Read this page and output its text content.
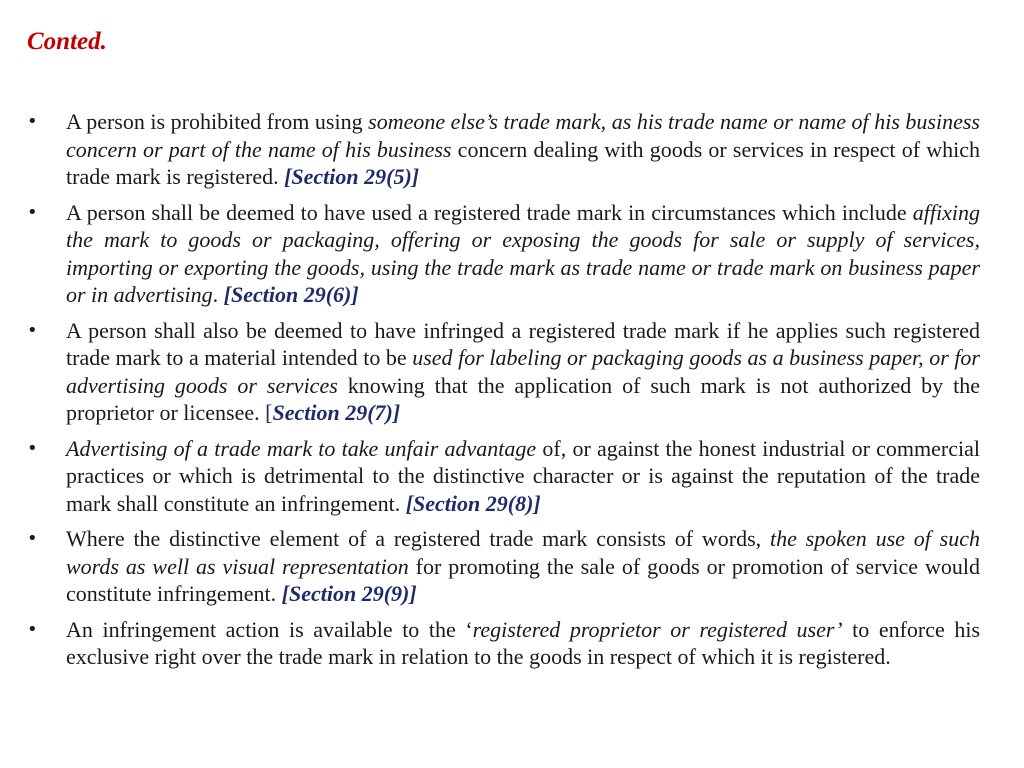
Conted.
•	A person is prohibited from using someone else’s trade mark, as his trade name or name of his business concern or part of the name of his business concern dealing with goods or services in respect of which trade mark is registered. [Section 29(5)]
•	A person shall be deemed to have used a registered trade mark in circumstances which include affixing the mark to goods or packaging, offering or exposing the goods for sale or supply of services, importing or exporting the goods, using the trade mark as trade name or trade mark on business paper or in advertising. [Section 29(6)]
•	A person shall also be deemed to have infringed a registered trade mark if he applies such registered trade mark to a material intended to be used for labeling or packaging goods as a business paper, or for advertising goods or services knowing that the application of such mark is not authorized by the proprietor or licensee. [Section 29(7)]
•	Advertising of a trade mark to take unfair advantage of, or against the honest industrial or commercial practices or which is detrimental to the distinctive character or is against the reputation of the trade mark shall constitute an infringement. [Section 29(8)]
•	Where the distinctive element of a registered trade mark consists of words, the spoken use of such words as well as visual representation for promoting the sale of goods or promotion of service would constitute infringement. [Section 29(9)]
•	An infringement action is available to the ‘registered proprietor or registered user’ to enforce his exclusive right over the trade mark in relation to the goods in respect of which it is registered.
